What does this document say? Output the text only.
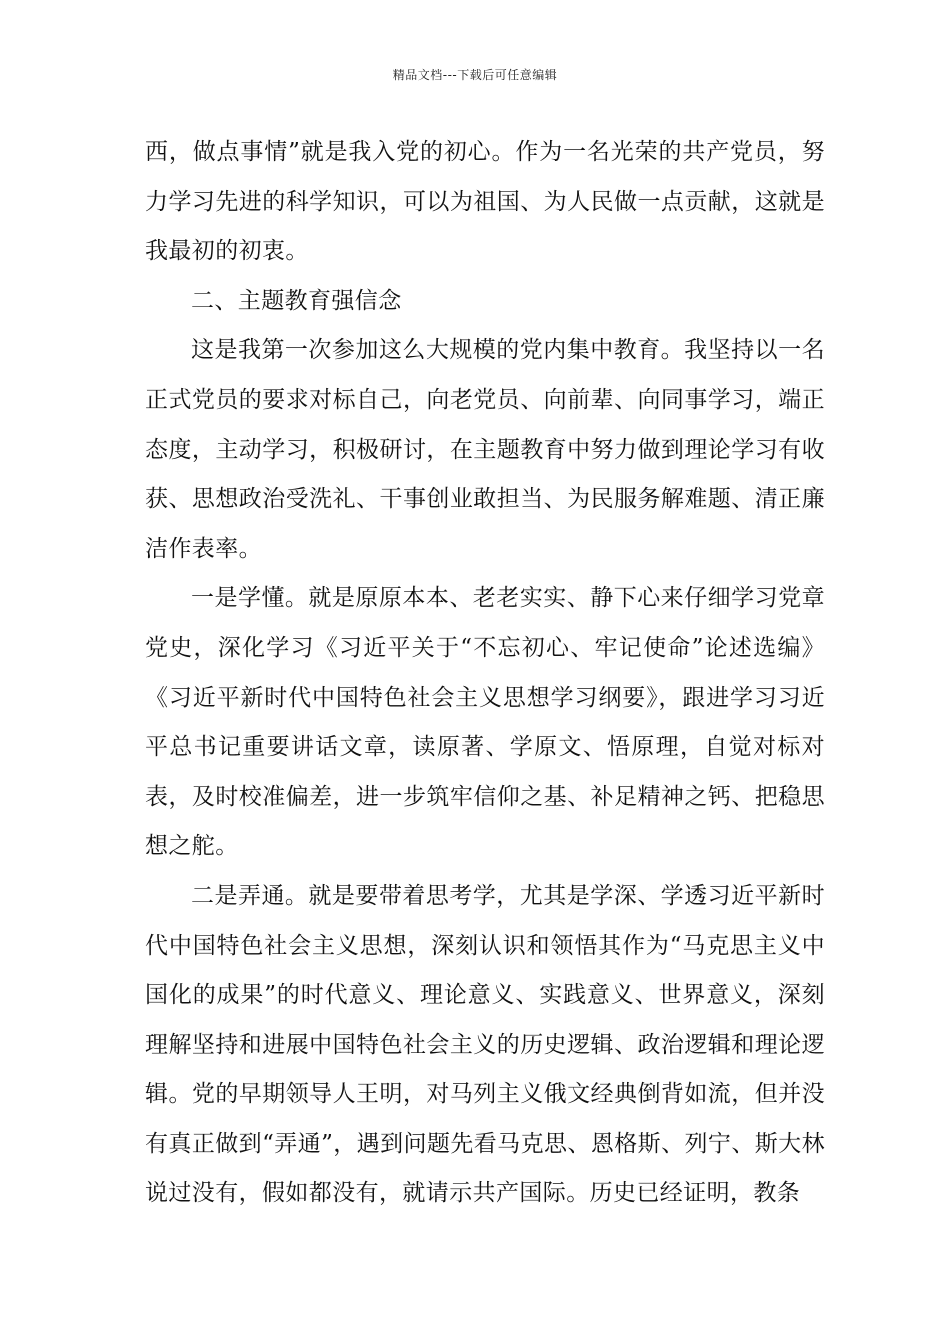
精品文档---下载后可任意编辑

西，做点事情”就是我入党的初心。作为一名光荣的共产党员，努力学习先进的科学知识，可以为祖国、为人民做一点贡献，这就是我最初的初衷。

二、主题教育强信念

这是我第一次参加这么大规模的党内集中教育。我坚持以一名正式党员的要求对标自己，向老党员、向前辈、向同事学习，端正态度，主动学习，积极研讨，在主题教育中努力做到理论学习有收获、思想政治受洗礼、干事创业敢担当、为民服务解难题、清正廉洁作表率。

一是学懂。就是原原本本、老老实实、静下心来仔细学习党章党史，深化学习《习近平关于“不忘初心、牢记使命”论述选编》《习近平新时代中国特色社会主义思想学习纲要》，跟进学习习近平总书记重要讲话文章，读原著、学原文、悟原理，自觉对标对表，及时校准偏差，进一步筑牢信仰之基、补足精神之钙、把稳思想之舵。

二是弄通。就是要带着思考学，尤其是学深、学透习近平新时代中国特色社会主义思想，深刻认识和领悟其作为“马克思主义中国化的成果”的时代意义、理论意义、实践意义、世界意义，深刻理解坚持和进展中国特色社会主义的历史逻辑、政治逻辑和理论逻辑。党的早期领导人王明，对马列主义俄文经典倒背如流，但并没有真正做到“弄通”，遇到问题先看马克思、恩格斯、列宁、斯大林说过没有，假如都没有，就请示共产国际。历史已经证明，教条
